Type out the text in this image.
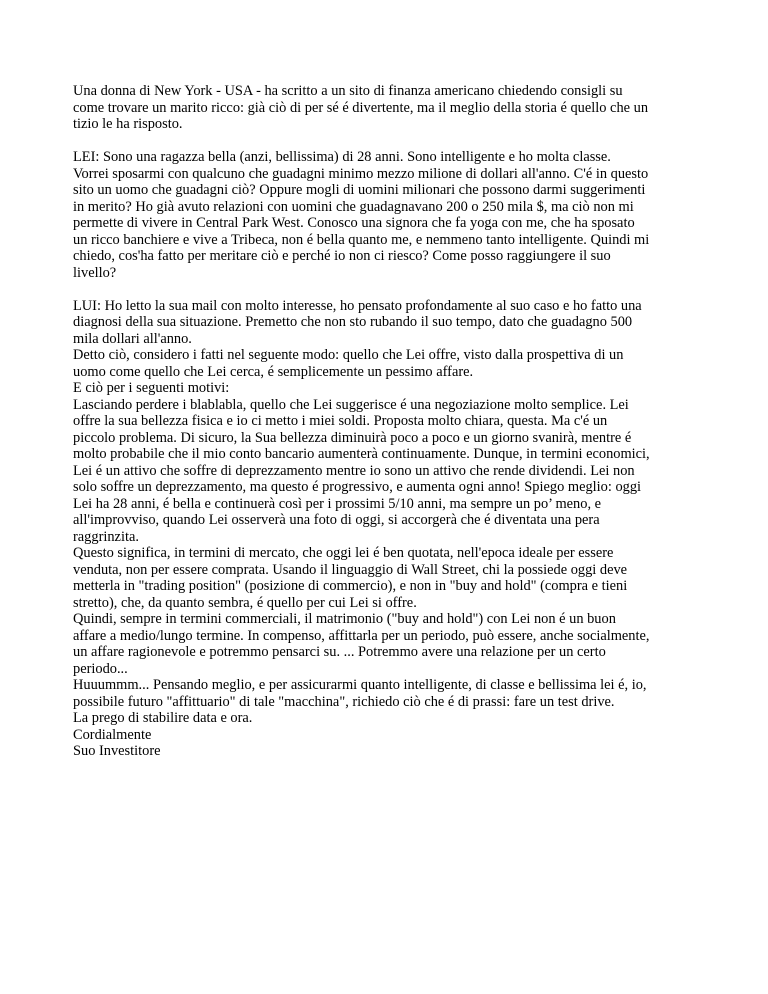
Una donna di New York - USA - ha scritto a un sito di finanza americano chiedendo consigli su
come trovare un marito ricco: già ciò di per sé é divertente, ma il meglio della storia é quello che un
tizio le ha risposto.
LEI: Sono una ragazza bella (anzi, bellissima) di 28 anni. Sono intelligente e ho molta classe.
Vorrei sposarmi con qualcuno che guadagni minimo mezzo milione di dollari all'anno. C'é in questo
sito un uomo che guadagni ciò? Oppure mogli di uomini milionari che possono darmi suggerimenti
in merito? Ho già avuto relazioni con uomini che guadagnavano 200 o 250 mila $, ma ciò non mi
permette di vivere in Central Park West. Conosco una signora che fa yoga con me, che ha sposato
un ricco banchiere e vive a Tribeca, non é bella quanto me, e nemmeno tanto intelligente. Quindi mi
chiedo, cos'ha fatto per meritare ciò e perché io non ci riesco? Come posso raggiungere il suo
livello?
LUI: Ho letto la sua mail con molto interesse, ho pensato profondamente al suo caso e ho fatto una
diagnosi della sua situazione. Premetto che non sto rubando il suo tempo, dato che guadagno 500
mila dollari all'anno.
Detto ciò, considero i fatti nel seguente modo: quello che Lei offre, visto dalla prospettiva di un
uomo come quello che Lei cerca, é semplicemente un pessimo affare.
E ciò per i seguenti motivi:
Lasciando perdere i blablabla, quello che Lei suggerisce é una negoziazione molto semplice. Lei
offre la sua bellezza fisica e io ci metto i miei soldi. Proposta molto chiara, questa. Ma c'é un
piccolo problema. Di sicuro, la Sua bellezza diminuirà poco a poco e un giorno svanirà, mentre é
molto probabile che il mio conto bancario aumenterà continuamente. Dunque, in termini economici,
Lei é un attivo che soffre di deprezzamento mentre io sono un attivo che rende dividendi. Lei non
solo soffre un deprezzamento, ma questo é progressivo, e aumenta ogni anno! Spiego meglio: oggi
Lei ha 28 anni, é bella e continuerà così per i prossimi 5/10 anni, ma sempre un po’ meno, e
all'improvviso, quando Lei osserverà una foto di oggi, si accorgerà che é diventata una pera
raggrinzita.
Questo significa, in termini di mercato, che oggi lei é ben quotata, nell'epoca ideale per essere
venduta, non per essere comprata. Usando il linguaggio di Wall Street, chi la possiede oggi deve
metterla in "trading position" (posizione di commercio), e non in "buy and hold" (compra e tieni
stretto), che, da quanto sembra, é quello per cui Lei si offre.
Quindi, sempre in termini commerciali, il matrimonio ("buy and hold") con Lei non é un buon
affare a medio/lungo termine. In compenso, affittarla per un periodo, può essere, anche socialmente,
un affare ragionevole e potremmo pensarci su. ... Potremmo avere una relazione per un certo
periodo...
Huuummm... Pensando meglio, e per assicurarmi quanto intelligente, di classe e bellissima lei é, io,
possibile futuro "affittuario" di tale "macchina", richiedo ciò che é di prassi: fare un test drive.
La prego di stabilire data e ora.
Cordialmente
Suo Investitore
